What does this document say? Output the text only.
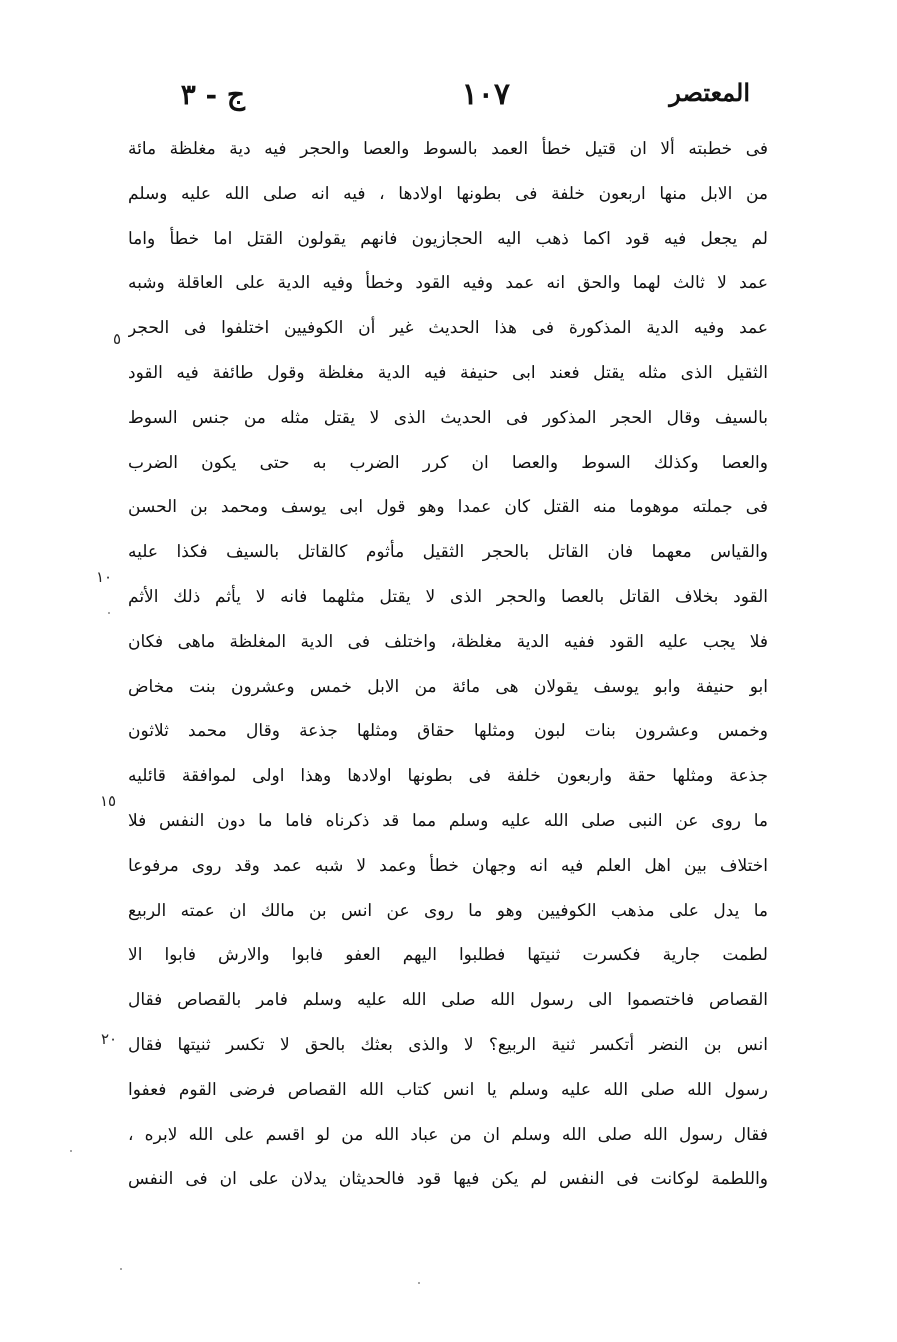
المعتصر
١٠٧
ج - ٣
فى خطبته ألا ان قتيل خطأ العمد بالسوط والعصا والحجر فيه دية مغلظة مائة
من الابل منها اربعون خلفة فى بطونها اولادها ، فيه انه صلى الله عليه وسلم
لم يجعل فيه قود اكما ذهب اليه الحجازيون فانهم يقولون القتل اما خطأ واما
عمد لا ثالث لهما والحق انه عمد وفيه القود وخطأ وفيه الدية على العاقلة وشبه
عمد وفيه الدية المذكورة فى هذا الحديث غير أن الكوفيين اختلفوا فى الحجر
الثقيل الذى مثله يقتل فعند ابى حنيفة فيه الدية مغلظة وقول طائفة فيه القود
بالسيف وقال الحجر المذكور فى الحديث الذى لا يقتل مثله من جنس السوط
والعصا وكذلك السوط والعصا ان كرر الضرب به حتى يكون الضرب
فى جملته موهوما منه القتل كان عمدا وهو قول ابى يوسف ومحمد بن الحسن
والقياس معهما فان القاتل بالحجر الثقيل مأثوم كالقاتل بالسيف فكذا عليه
القود بخلاف القاتل بالعصا والحجر الذى لا يقتل مثلهما فانه لا يأثم ذلك الأثم
فلا يجب عليه القود ففيه الدية مغلظة، واختلف فى الدية المغلظة ماهى فكان
ابو حنيفة وابو يوسف يقولان هى مائة من الابل خمس وعشرون بنت مخاض
وخمس وعشرون بنات لبون ومثلها حقاق ومثلها جذعة وقال محمد ثلاثون
جذعة ومثلها حقة واربعون خلفة فى بطونها اولادها وهذا اولى لموافقة قائليه
ما روى عن النبى صلى الله عليه وسلم مما قد ذكرناه فاما ما دون النفس فلا
اختلاف بين اهل العلم فيه انه وجهان خطأ وعمد لا شبه عمد وقد روى مرفوعا
ما يدل على مذهب الكوفيين وهو ما روى عن انس بن مالك ان عمته الربيع
لطمت جارية فكسرت ثنيتها فطلبوا اليهم العفو فابوا والارش فابوا الا
القصاص فاختصموا الى رسول الله صلى الله عليه وسلم فامر بالقصاص فقال
انس بن النضر أتكسر ثنية الربيع؟ لا والذى بعثك بالحق لا تكسر ثنيتها فقال
رسول الله صلى الله عليه وسلم يا انس كتاب الله القصاص فرضى القوم فعفوا
فقال رسول الله صلى الله وسلم ان من عباد الله من لو اقسم على الله لابره ،
واللطمة لوكانت فى النفس لم يكن فيها قود فالحديثان يدلان على ان فى النفس
٥
١٠
١٥
٢٠
